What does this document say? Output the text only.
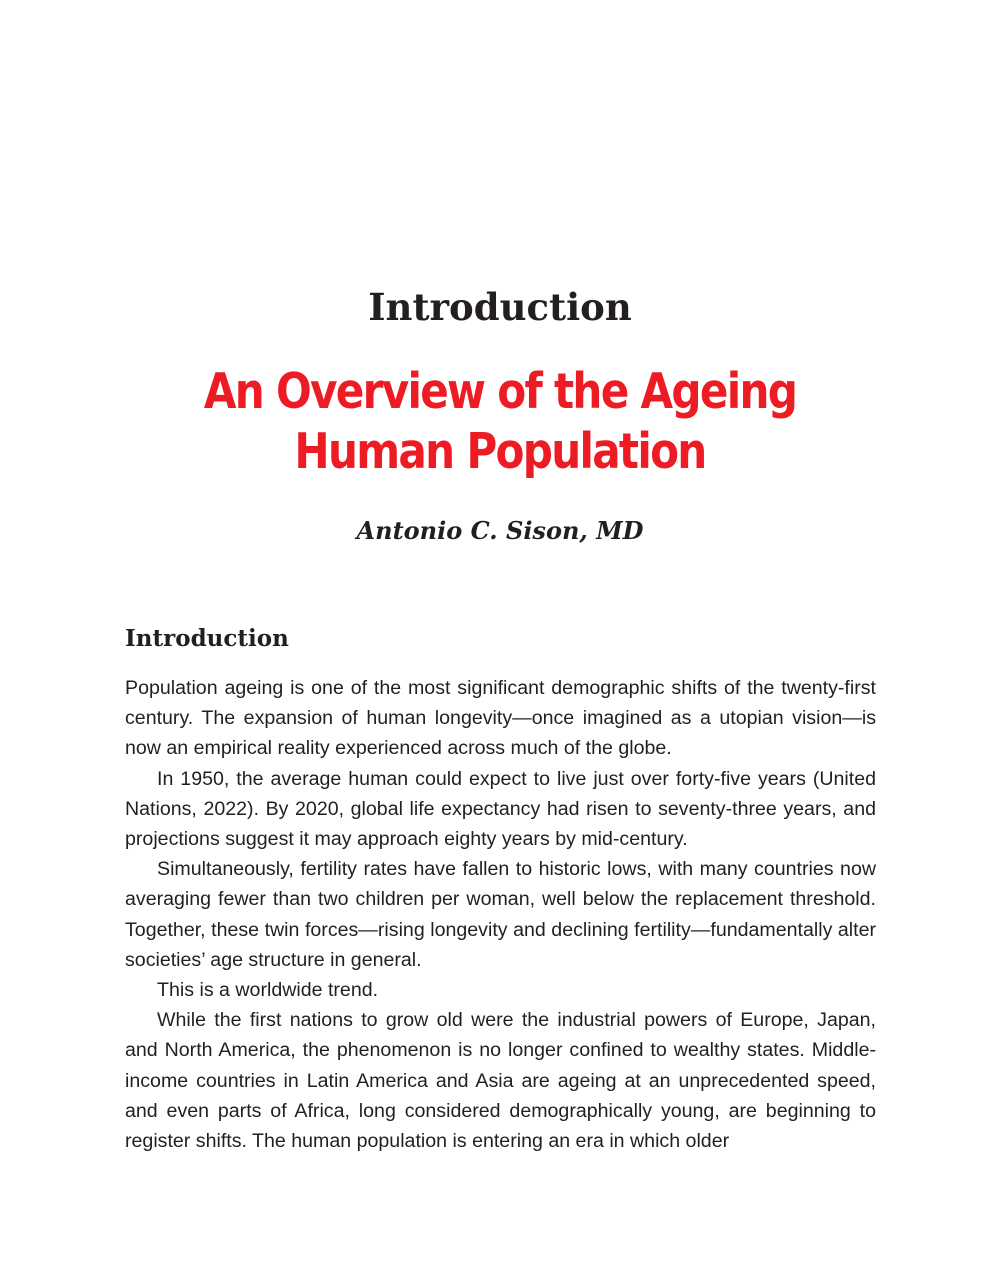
Introduction
An Overview of the Ageing Human Population

Antonio C. Sison, MD

Introduction

Population ageing is one of the most significant demographic shifts of the twenty-first century. The expansion of human longevity—once imagined as a utopian vision—is now an empirical reality experienced across much of the globe.

In 1950, the average human could expect to live just over forty-five years (United Nations, 2022). By 2020, global life expectancy had risen to seventy-three years, and projections suggest it may approach eighty years by mid-century.

Simultaneously, fertility rates have fallen to historic lows, with many countries now averaging fewer than two children per woman, well below the replacement threshold. Together, these twin forces—rising longevity and declining fertility—fundamentally alter societies’ age structure in general.

This is a worldwide trend.

While the first nations to grow old were the industrial powers of Europe, Japan, and North America, the phenomenon is no longer confined to wealthy states. Middle-income countries in Latin America and Asia are ageing at an unprecedented speed, and even parts of Africa, long considered demographically young, are beginning to register shifts. The human population is entering an era in which older
